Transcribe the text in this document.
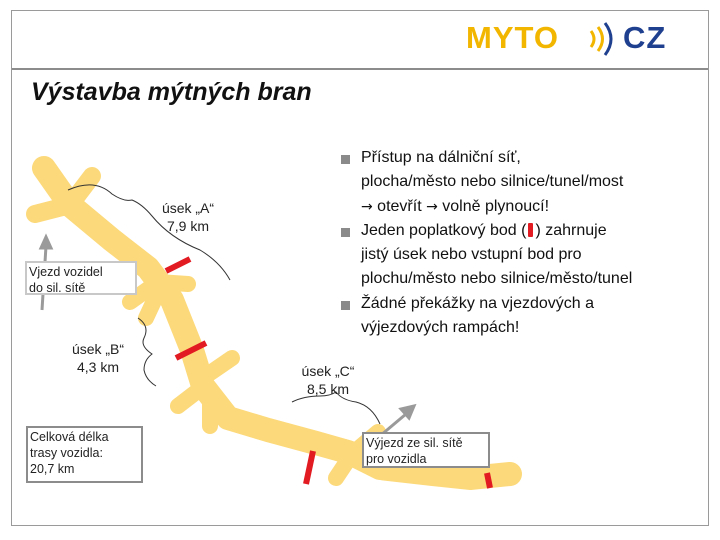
MYTO CZ
Výstavba mýtných bran
úsek „A“
7,9 km
úsek „B“
4,3 km	úsek „C“
8,5 km
Vjezd vozidel
do sil. sítě
Celková délka
trasy vozidla:
20,7 km
Výjezd ze sil. sítě
pro vozidla
Přístup na dálniční síť,
plocha/město nebo silnice/tunel/most
→ otevřít → volně plynoucí!
Jeden poplatkový bod ( ) zahrnuje
jistý úsek nebo vstupní bod pro
plochu/město nebo silnice/město/tunel
Žádné překážky na vjezdových a
výjezdových rampách!
